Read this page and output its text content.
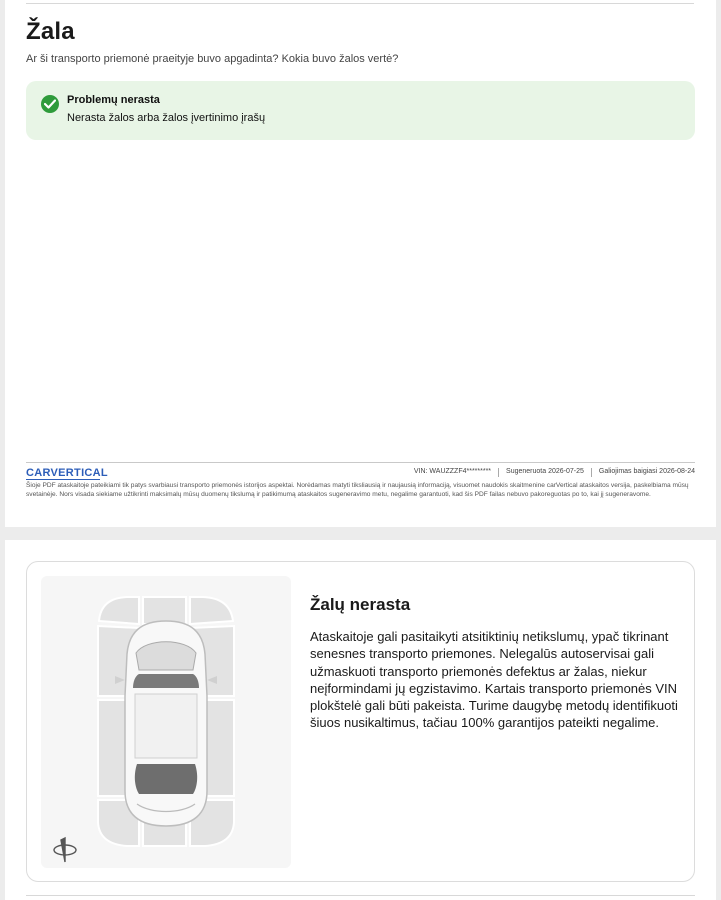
Žala
Ar ši transporto priemonė praeityje buvo apgadinta? Kokia buvo žalos vertė?
Problemų nerasta
Nerasta žalos arba žalos įvertinimo įrašų
CARVERTICAL	VIN: WAUZZZF4********* Sugeneruota 2026-07-25 Galiojimas baigiasi 2026-08-24
Šioje PDF ataskaitoje pateikiami tik patys svarbiausi transporto priemonės istorijos aspektai. Norėdamas matyti tiksliausią ir naujausią informaciją, visuomet naudokis skaitmenine carVertical ataskaitos versija, paskelbiama mūsų svetainėje. Nors visada siekiame užtikrinti maksimalų mūsų duomenų tikslumą ir patikimumą ataskaitos sugeneravimo metu, negalime garantuoti, kad šis PDF failas nebuvo pakoreguotas po to, kai jį sugeneravome.
Žalų nerasta

Ataskaitoje gali pasitaikyti atsitiktinių netikslumų, ypač tikrinant senesnes transporto priemones. Nelegalūs autoservisai gali užmaskuoti transporto priemonės defektus ar žalas, niekur neįformindami jų egzistavimo. Kartais transporto priemonės VIN plokštelė gali būti pakeista. Turime daugybę metodų identifikuoti šiuos nusikaltimus, tačiau 100% garantijos pateikti negalime.
